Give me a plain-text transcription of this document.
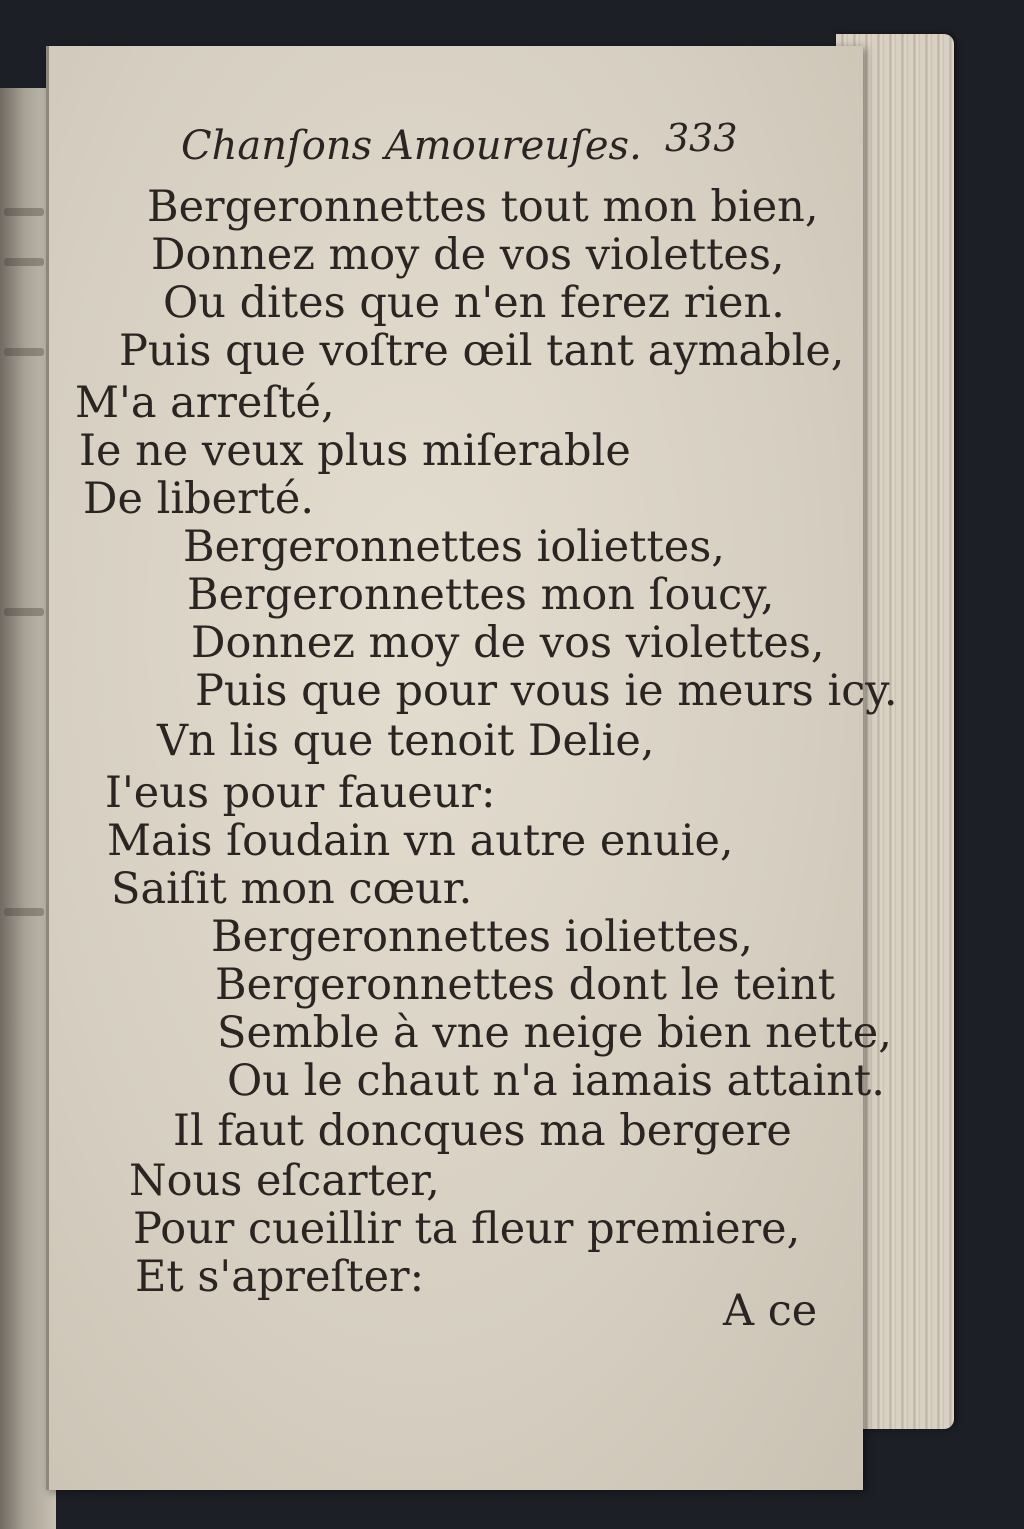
Chanſons Amoureuſes. 333
Bergeronnettes tout mon bien,
Donnez moy de vos violettes,
Ou dites que n'en ferez rien.
Puis que voſtre œil tant aymable,
M'a arreſté,
Ie ne veux plus miſerable
De liberté.
Bergeronnettes ioliettes,
Bergeronnettes mon ſoucy,
Donnez moy de vos violettes,
Puis que pour vous ie meurs icy.
Vn lis que tenoit Delie,
I'eus pour faueur:
Mais ſoudain vn autre enuie,
Saiſit mon cœur.
Bergeronnettes ioliettes,
Bergeronnettes dont le teint
Semble à vne neige bien nette,
Ou le chaut n'a iamais attaint.
Il faut doncques ma bergere
Nous eſcarter,
Pour cueillir ta fleur premiere,
Et s'apreſter:
A ce
